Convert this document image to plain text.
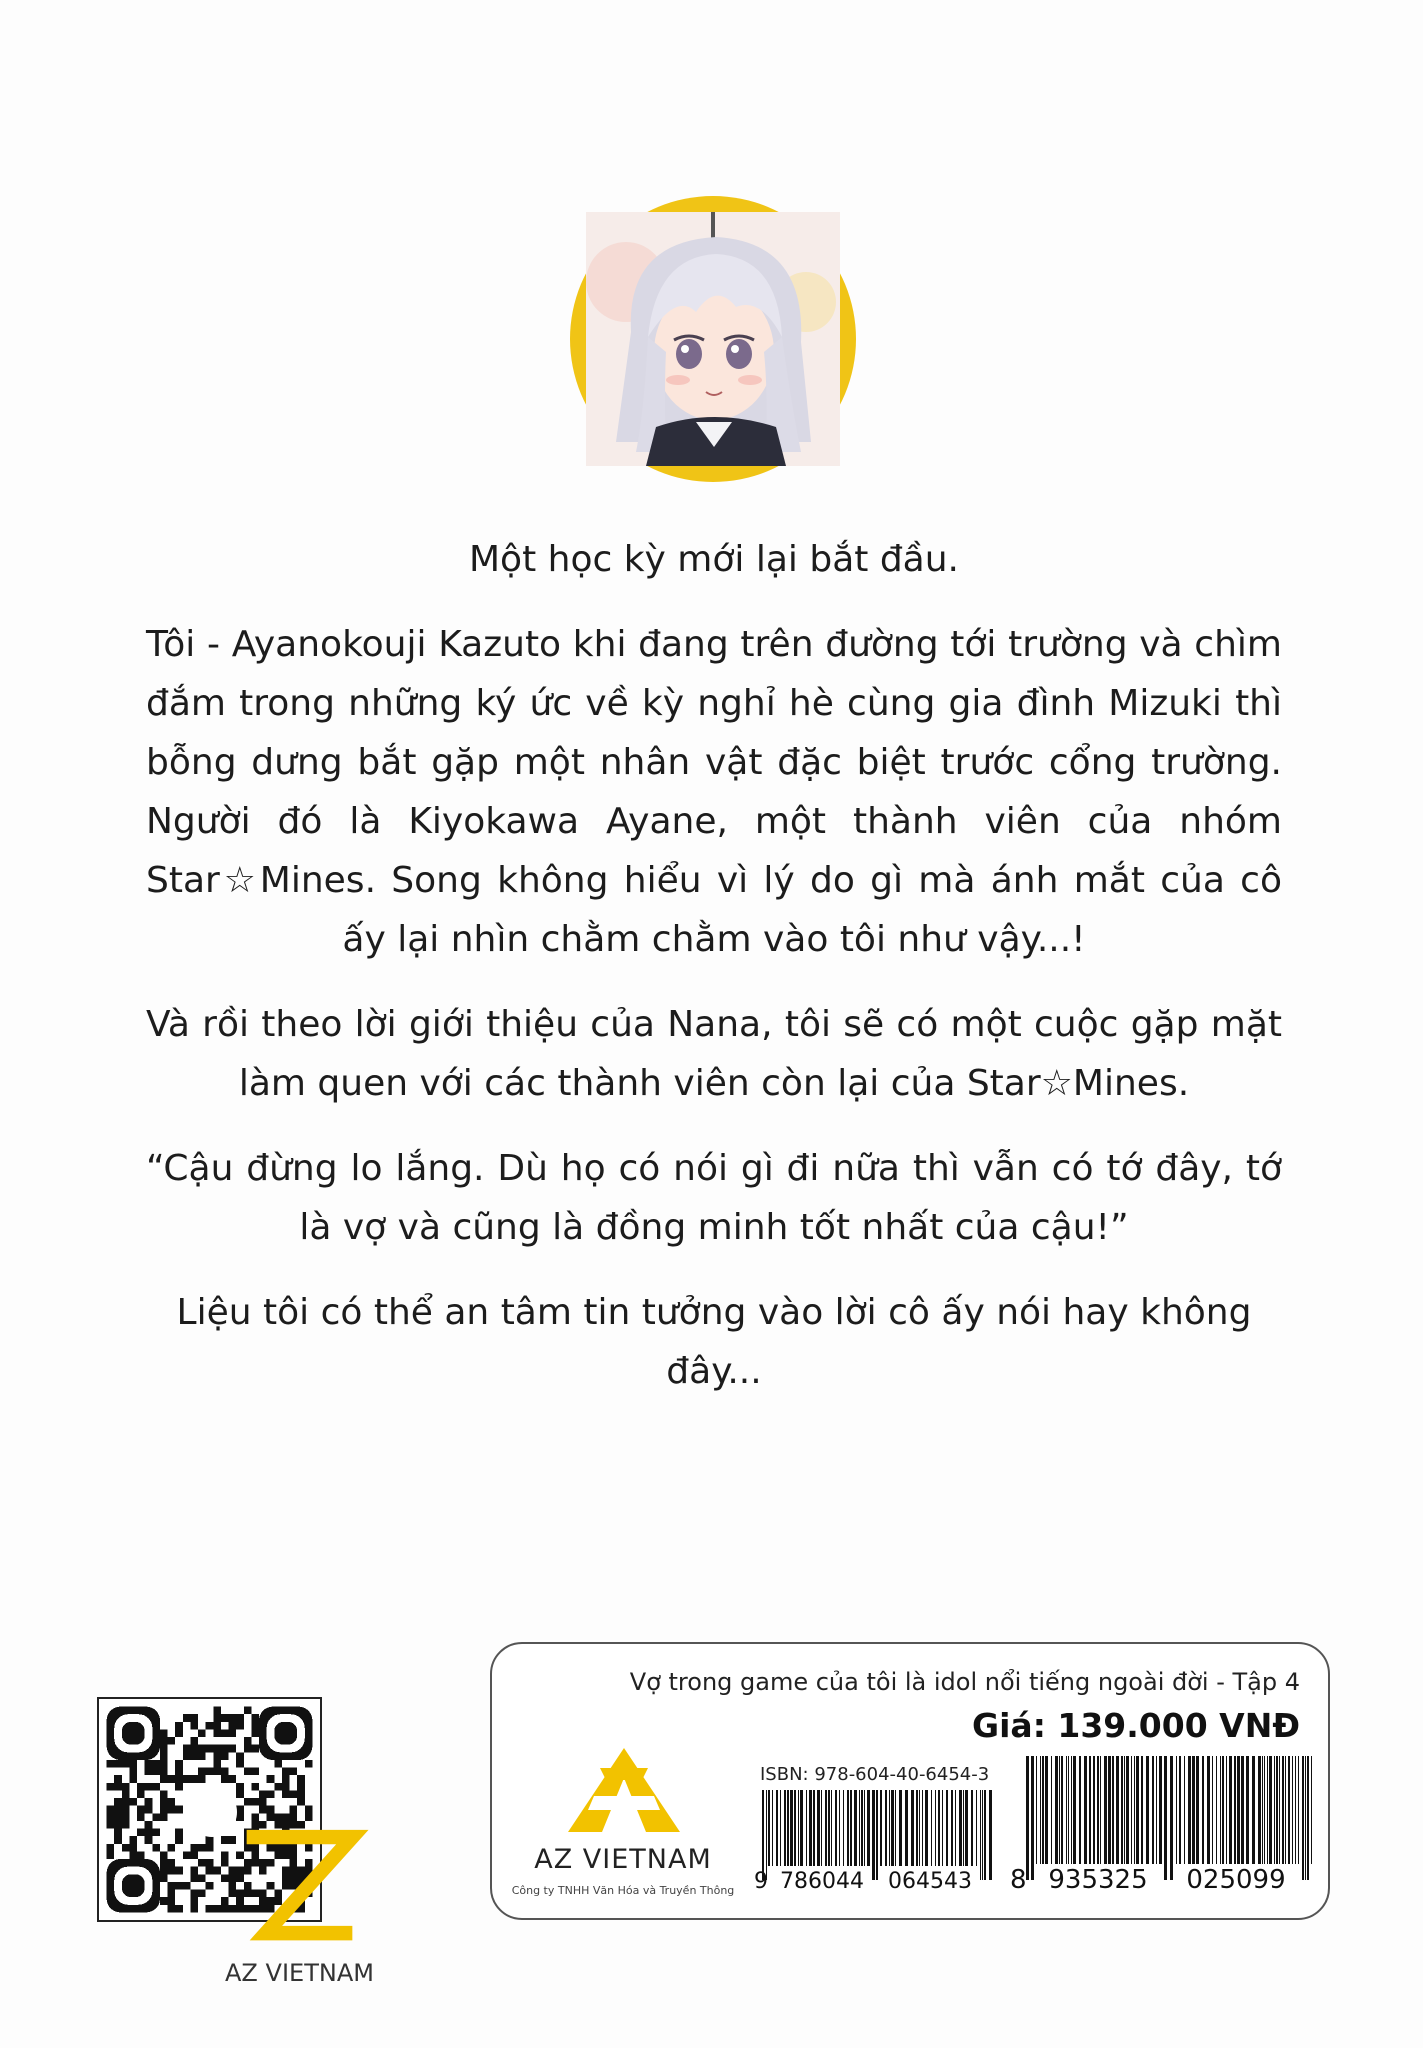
Một học kỳ mới lại bắt đầu.

Tôi - Ayanokouji Kazuto khi đang trên đường tới trường và chìm đắm trong những ký ức về kỳ nghỉ hè cùng gia đình Mizuki thì bỗng dưng bắt gặp một nhân vật đặc biệt trước cổng trường. Người đó là Kiyokawa Ayane, một thành viên của nhóm Star☆Mines. Song không hiểu vì lý do gì mà ánh mắt của cô ấy lại nhìn chằm chằm vào tôi như vậy...!

Và rồi theo lời giới thiệu của Nana, tôi sẽ có một cuộc gặp mặt làm quen với các thành viên còn lại của Star☆Mines.

“Cậu đừng lo lắng. Dù họ có nói gì đi nữa thì vẫn có tớ đây, tớ là vợ và cũng là đồng minh tốt nhất của cậu!”

Liệu tôi có thể an tâm tin tưởng vào lời cô ấy nói hay không đây...

AZ VIETNAM
Vợ trong game của tôi là idol nổi tiếng ngoài đời - Tập 4
Giá: 139.000 VNĐ
AZ VIETNAM
Công ty TNHH Văn Hóa và Truyền Thông
ISBN: 978-604-40-6454-3
9 786044 064543 8 935325 025099
